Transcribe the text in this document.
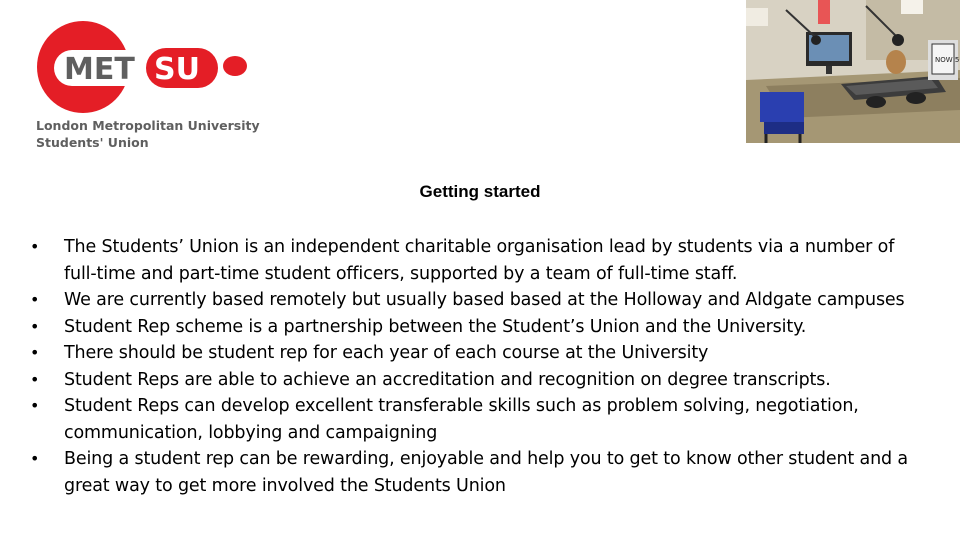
MET SU
London Metropolitan University
Students' Union
NOW 5
Getting started
•	The Students’ Union is an independent charitable organisation lead by students via a number of full-time and part-time student officers, supported by a team of full-time staff.
•	We are currently based remotely but usually based based at the Holloway and Aldgate campuses
•	Student Rep scheme is a partnership between the Student’s Union and the University.
•	There should be student rep for each year of each course at the University
•	Student Reps are able to achieve an accreditation and recognition on degree transcripts.
•	Student Reps can develop excellent transferable skills such as problem solving, negotiation, communication, lobbying and campaigning
•	Being a student rep can be rewarding, enjoyable and help you to get to know other student and a great way to get more involved the Students Union
